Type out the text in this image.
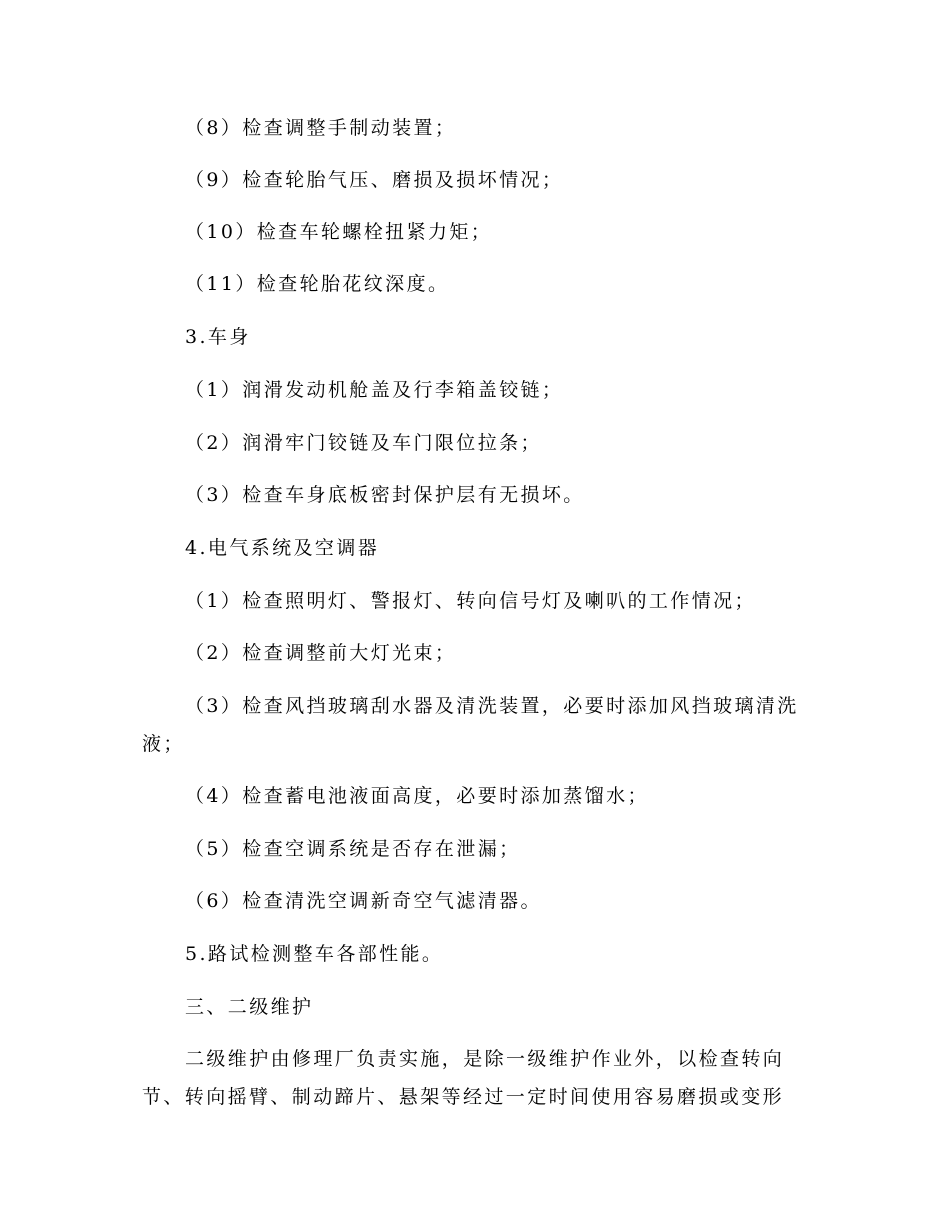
（8）检查调整手制动装置；
（9）检查轮胎气压、磨损及损坏情况；
（10）检查车轮螺栓扭紧力矩；
（11）检查轮胎花纹深度。
3.车身
（1）润滑发动机舱盖及行李箱盖铰链；
（2）润滑牢门铰链及车门限位拉条；
（3）检查车身底板密封保护层有无损坏。
4.电气系统及空调器
（1）检查照明灯、警报灯、转向信号灯及喇叭的工作情况；
（2）检查调整前大灯光束；
（3）检查风挡玻璃刮水器及清洗装置，必要时添加风挡玻璃清洗
液；
（4）检查蓄电池液面高度，必要时添加蒸馏水；
（5）检查空调系统是否存在泄漏；
（6）检查清洗空调新奇空气滤清器。
5.路试检测整车各部性能。
三、二级维护
二级维护由修理厂负责实施，是除一级维护作业外，以检查转向
节、转向摇臂、制动蹄片、悬架等经过一定时间使用容易磨损或变形
